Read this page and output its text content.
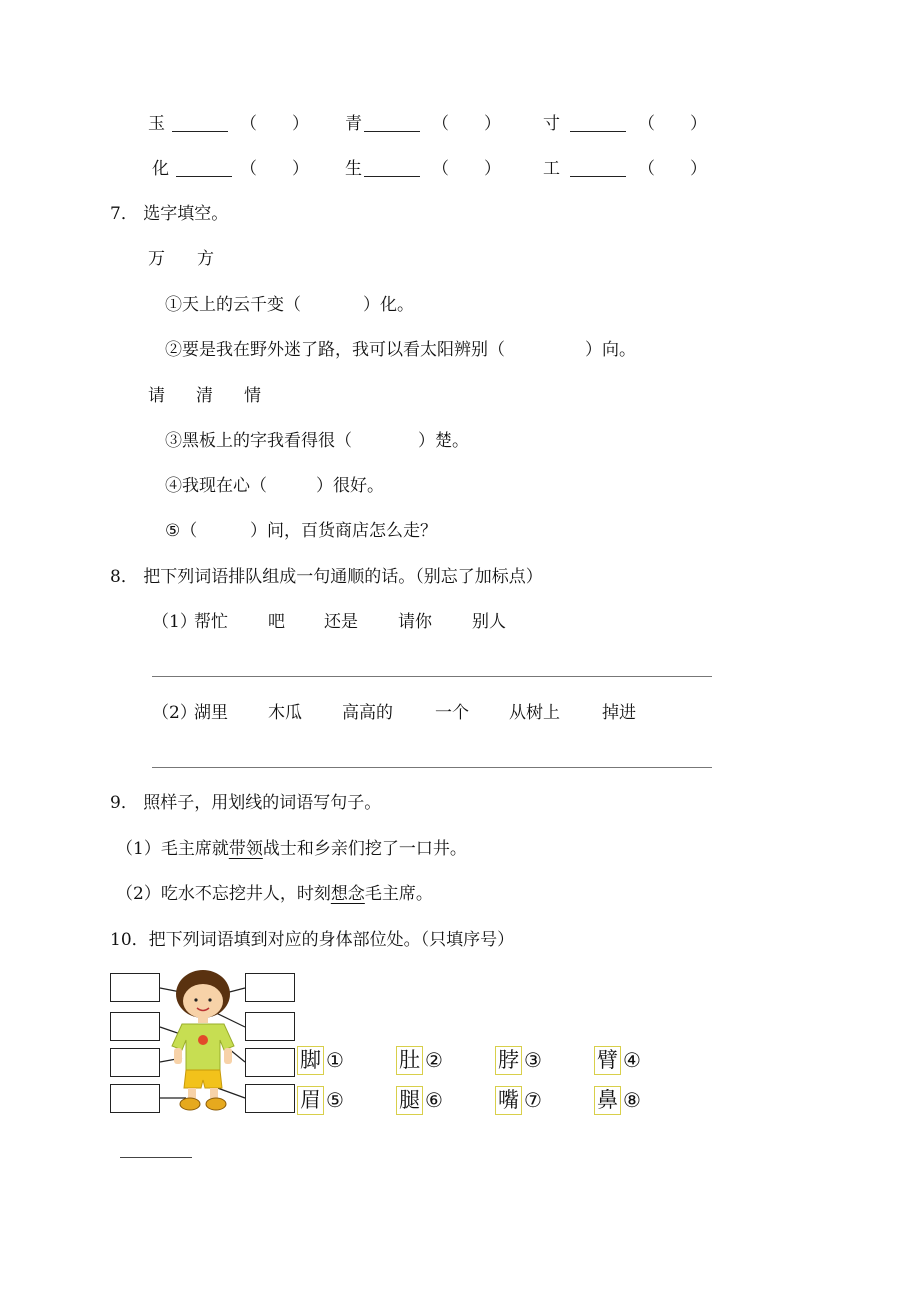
玉	（ ） 青	（ ） 寸	（ ）
化	（ ） 生	（ ） 工	（ ）
7． 选字填空。
万 方
①天上的云千变（	）化。
②要是我在野外迷了路，我可以看太阳辨别（	）向。
请 清 情
③黑板上的字我看得很（	）楚。
④我现在心（	）很好。
⑤（	）问，百货商店怎么走？
8． 把下列词语排队组成一句通顺的话。（别忘了加标点）
（1）
帮忙 吧 还是 请你 别人
（2）
湖里 木瓜 高高的 一个 从树上 掉进
9． 照样子，用划线的词语写句子。
（1）毛主席就带领战士和乡亲们挖了一口井。
（2）吃水不忘挖井人，时刻想念毛主席。
10．把下列词语填到对应的身体部位处。（只填序号）
脚 ①	肚 ②	脖 ③	臂 ④
眉 ⑤	腿 ⑥	嘴 ⑦	鼻 ⑧
